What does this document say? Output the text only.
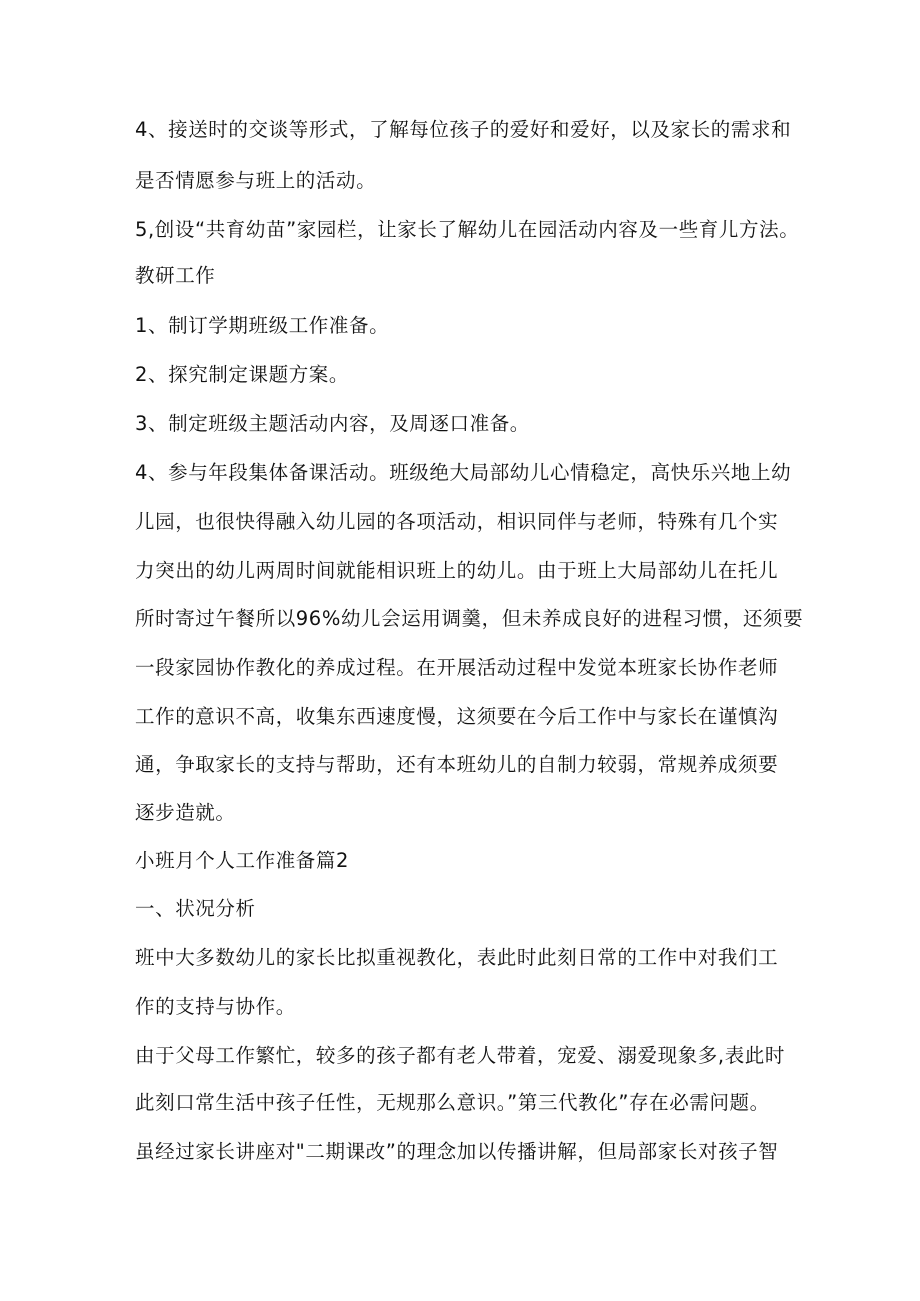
4、接送时的交谈等形式，了解每位孩子的爱好和爱好，以及家长的需求和
是否情愿参与班上的活动。
5,创设“共育幼苗”家园栏，让家长了解幼儿在园活动内容及一些育儿方法。
教研工作
1、制订学期班级工作准备。
2、探究制定课题方案。
3、制定班级主题活动内容，及周逐口准备。
4、参与年段集体备课活动。班级绝大局部幼儿心情稳定，高快乐兴地上幼
儿园，也很快得融入幼儿园的各项活动，相识同伴与老师，特殊有几个实
力突出的幼儿两周时间就能相识班上的幼儿。由于班上大局部幼儿在托儿
所时寄过午餐所以96%幼儿会运用调羹，但未养成良好的进程习惯，还须要
一段家园协作教化的养成过程。在开展活动过程中发觉本班家长协作老师
工作的意识不高，收集东西速度慢，这须要在今后工作中与家长在谨慎沟
通，争取家长的支持与帮助，还有本班幼儿的自制力较弱，常规养成须要
逐步造就。
小班月个人工作准备篇2
一、状况分析
班中大多数幼儿的家长比拟重视教化，表此时此刻日常的工作中对我们工
作的支持与协作。
由于父母工作繁忙，较多的孩子都有老人带着，宠爱、溺爱现象多,表此时
此刻口常生活中孩子任性，无规那么意识。”第三代教化”存在必需问题。
虽经过家长讲座对"二期课改”的理念加以传播讲解，但局部家长对孩子智
